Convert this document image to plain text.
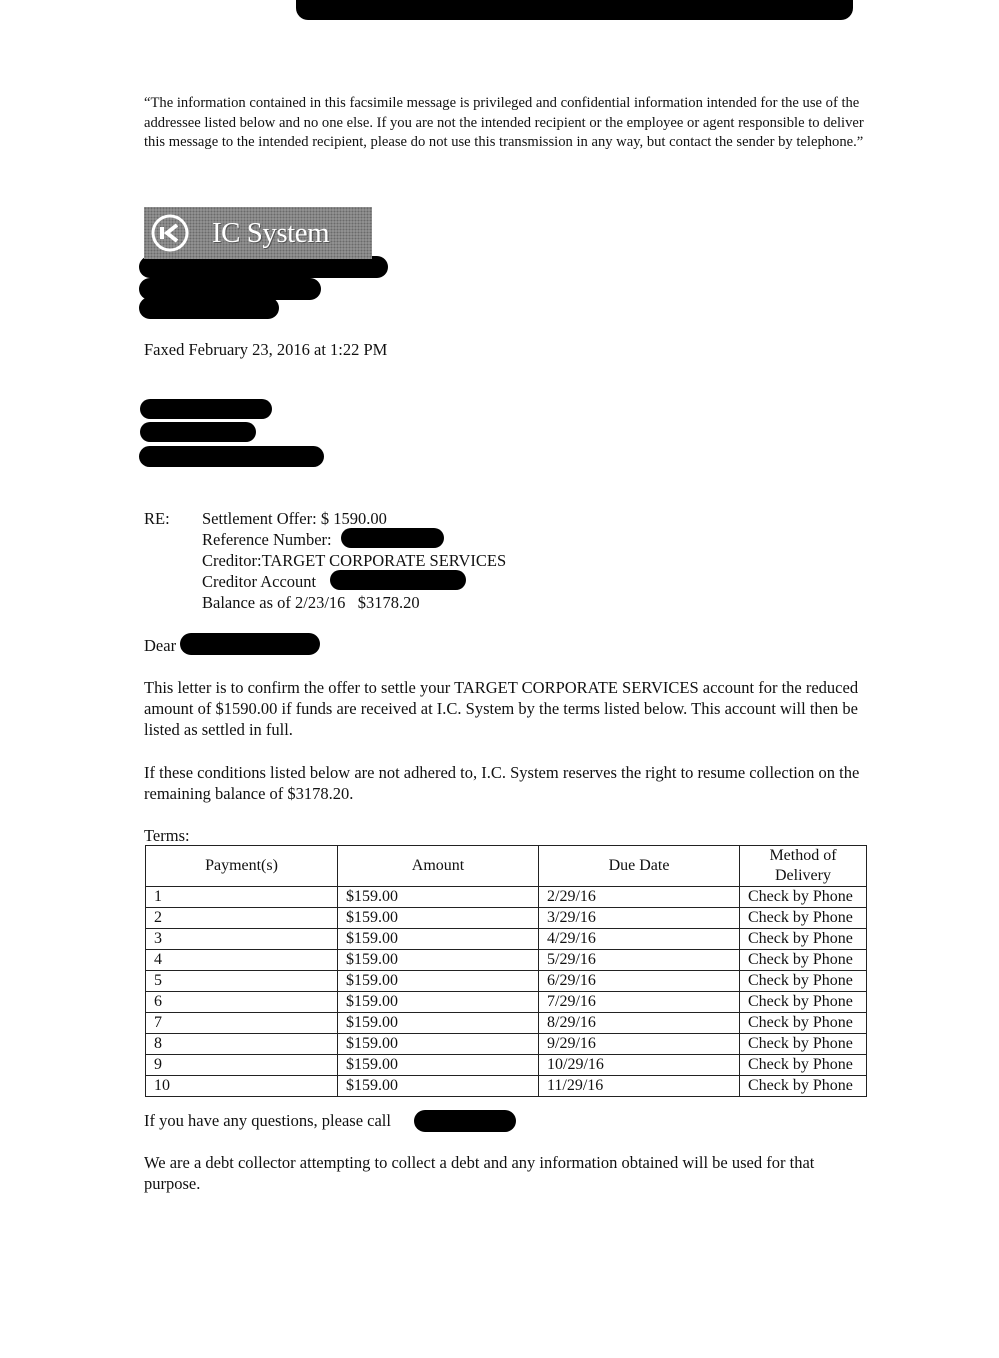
“The information contained in this facsimile message is privileged and confidential information intended for the use of the addressee listed below and no one else. If you are not the intended recipient or the employee or agent responsible to deliver this message to the intended recipient, please do not use this transmission in any way, but contact the sender by telephone.”
IC System
Faxed February 23, 2016 at 1:22 PM
RE: Settlement Offer: $ 1590.00
Reference Number:
Creditor:TARGET CORPORATE SERVICES
Creditor Account
Balance as of 2/23/16   $3178.20
Dear
This letter is to confirm the offer to settle your TARGET CORPORATE SERVICES account for the reduced amount of $1590.00 if funds are received at I.C. System by the terms listed below. This account will then be listed as settled in full.
If these conditions listed below are not adhered to, I.C. System reserves the right to resume collection on the remaining balance of $3178.20.
Terms:
Payment(s)	Amount	Due Date	Method of Delivery
1	$159.00	2/29/16	Check by Phone
2	$159.00	3/29/16	Check by Phone
3	$159.00	4/29/16	Check by Phone
4	$159.00	5/29/16	Check by Phone
5	$159.00	6/29/16	Check by Phone
6	$159.00	7/29/16	Check by Phone
7	$159.00	8/29/16	Check by Phone
8	$159.00	9/29/16	Check by Phone
9	$159.00	10/29/16	Check by Phone
10	$159.00	11/29/16	Check by Phone
If you have any questions, please call
We are a debt collector attempting to collect a debt and any information obtained will be used for that purpose.
